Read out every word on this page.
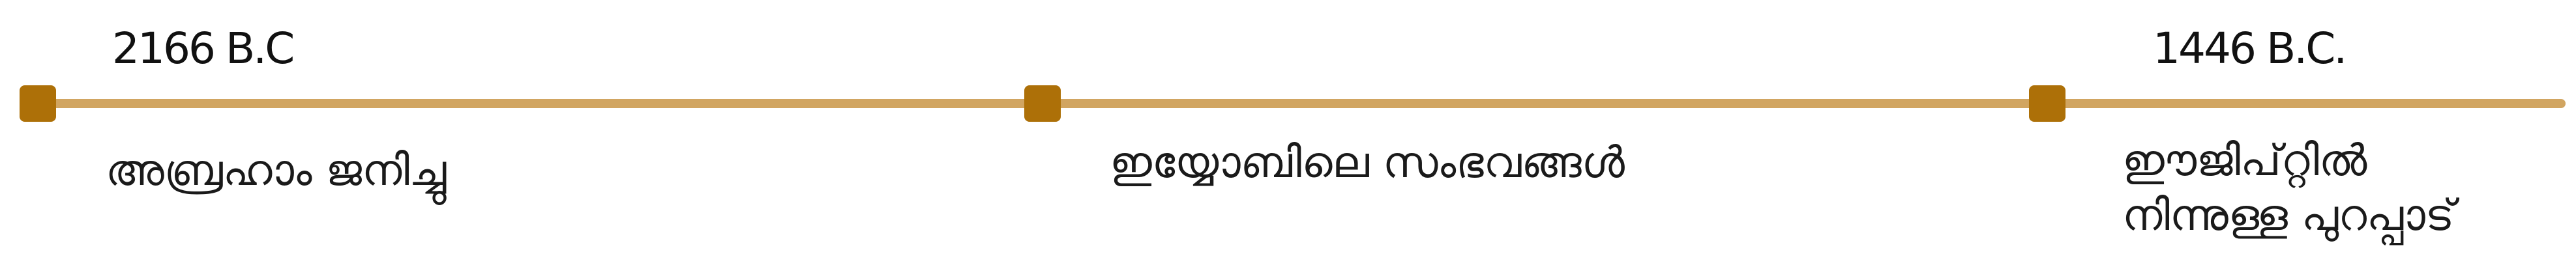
2166 B.C	1446 B.C.
അബ്രഹാം ജനിച്ചു	ഇയ്യോബിലെ സംഭവങ്ങൾ	ഈജിപ്റ്റിൽ
നിന്നുള്ള പുറപ്പാട്
